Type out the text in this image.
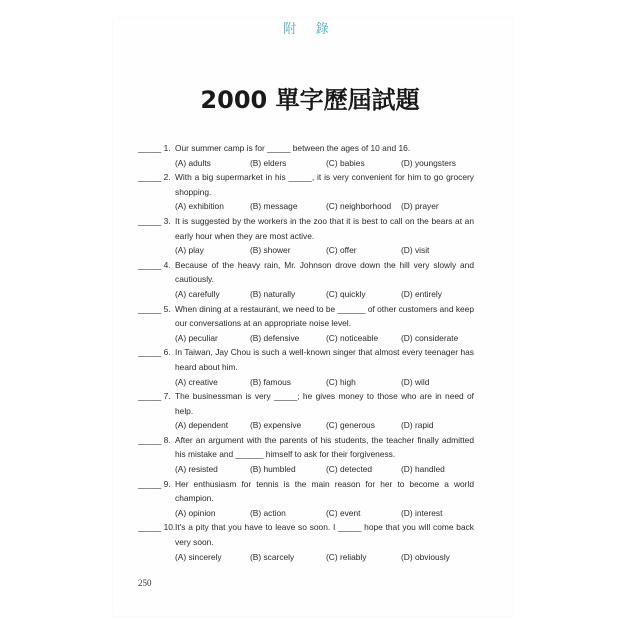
附 錄
2000 單字歷屆試題
_____ 1. Our summer camp is for _____ between the ages of 10 and 16.
(A) adults	(B) elders	(C) babies	(D) youngsters
_____ 2. With a big supermarket in his _____, it is very convenient for him to go grocery shopping.
(A) exhibition	(B) message	(C) neighborhood	(D) prayer
_____ 3. It is suggested by the workers in the zoo that it is best to call on the bears at an early hour when they are most active.
(A) play	(B) shower	(C) offer	(D) visit
_____ 4. Because of the heavy rain, Mr. Johnson drove down the hill very slowly and cautiously.
(A) carefully	(B) naturally	(C) quickly	(D) entirely
_____ 5. When dining at a restaurant, we need to be ______ of other customers and keep our conversations at an appropriate noise level.
(A) peculiar	(B) defensive	(C) noticeable	(D) considerate
_____ 6. In Taiwan, Jay Chou is such a well-known singer that almost every teenager has heard about him.
(A) creative	(B) famous	(C) high	(D) wild
_____ 7. The businessman is very _____; he gives money to those who are in need of help.
(A) dependent	(B) expensive	(C) generous	(D) rapid
_____ 8. After an argument with the parents of his students, the teacher finally admitted his mistake and ______ himself to ask for their forgiveness.
(A) resisted	(B) humbled	(C) detected	(D) handled
_____ 9. Her enthusiasm for tennis is the main reason for her to become a world champion.
(A) opinion	(B) action	(C) event	(D) interest
_____ 10. It's a pity that you have to leave so soon. I _____ hope that you will come back very soon.
(A) sincerely	(B) scarcely	(C) reliably	(D) obviously
250
